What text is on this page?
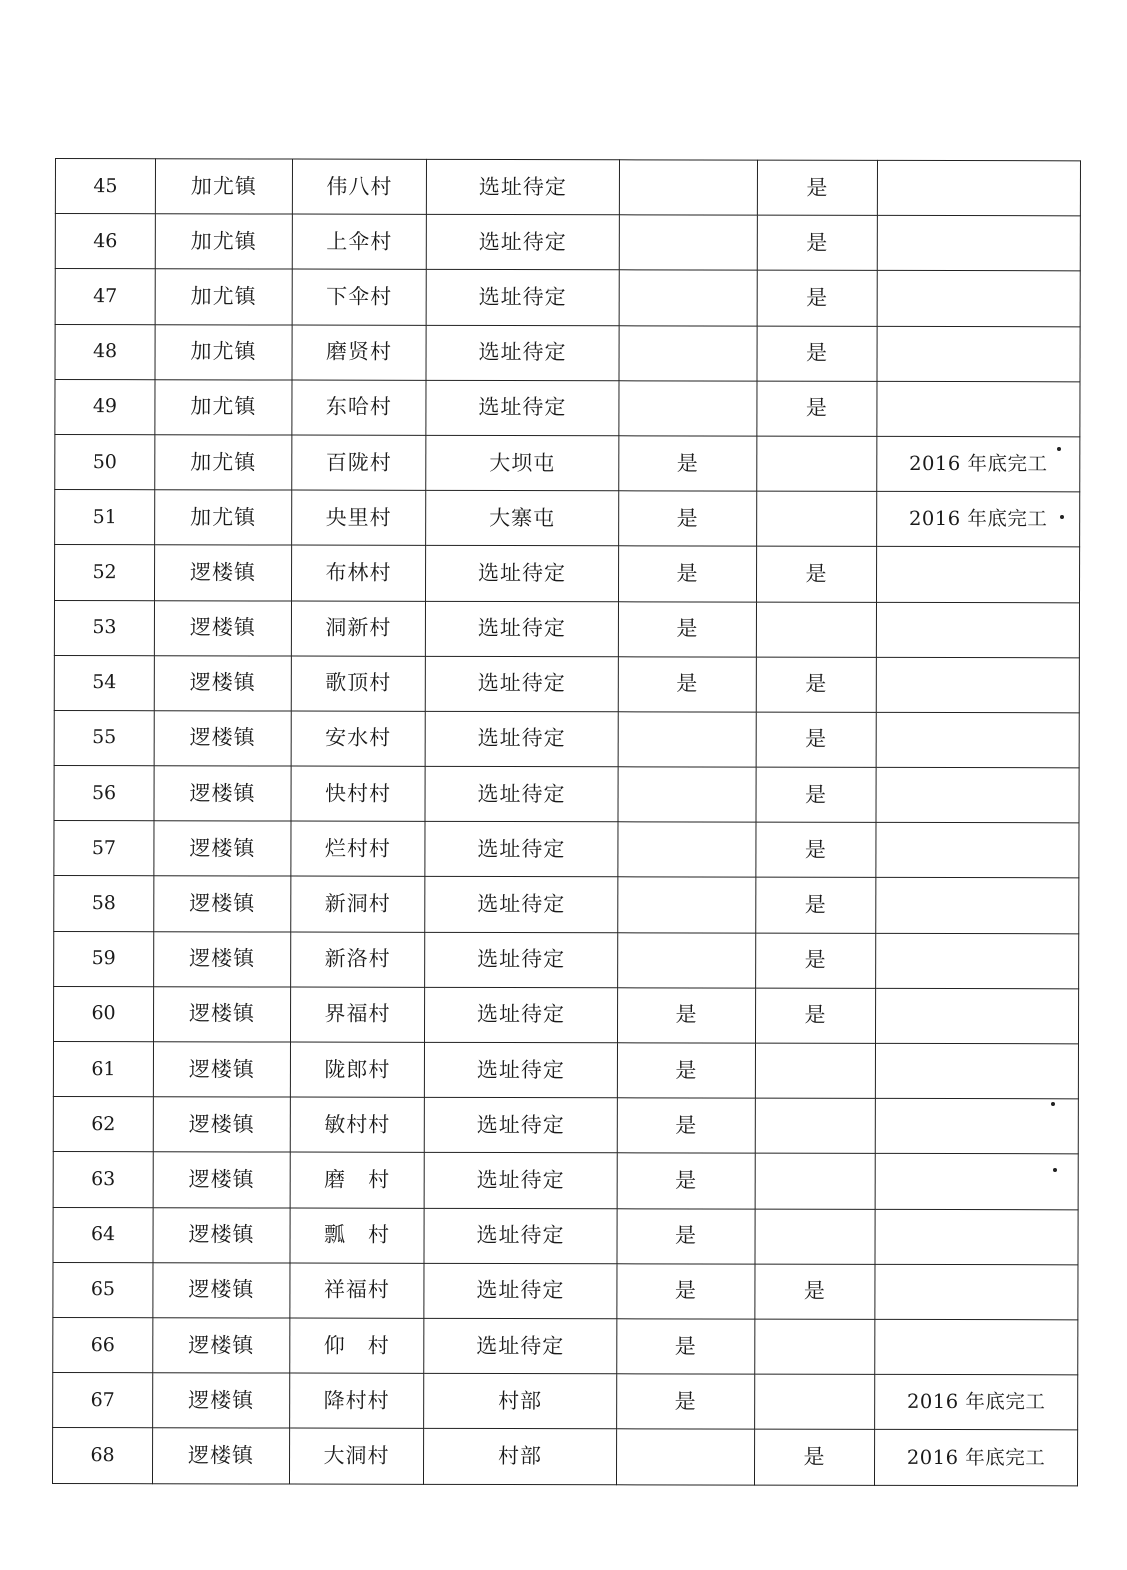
45	加尤镇	伟八村	选址待定		是	
46	加尤镇	上伞村	选址待定		是	
47	加尤镇	下伞村	选址待定		是	
48	加尤镇	磨贤村	选址待定		是	
49	加尤镇	东哈村	选址待定		是	
50	加尤镇	百陇村	大坝屯	是		2016 年底完工
51	加尤镇	央里村	大寨屯	是		2016 年底完工
52	逻楼镇	布林村	选址待定	是	是	
53	逻楼镇	洞新村	选址待定	是		
54	逻楼镇	歌顶村	选址待定	是	是	
55	逻楼镇	安水村	选址待定		是	
56	逻楼镇	快村村	选址待定		是	
57	逻楼镇	烂村村	选址待定		是	
58	逻楼镇	新洞村	选址待定		是	
59	逻楼镇	新洛村	选址待定		是	
60	逻楼镇	界福村	选址待定	是	是	
61	逻楼镇	陇郎村	选址待定	是		
62	逻楼镇	敏村村	选址待定	是		
63	逻楼镇	磨　村	选址待定	是		
64	逻楼镇	瓢　村	选址待定	是		
65	逻楼镇	祥福村	选址待定	是	是	
66	逻楼镇	仰　村	选址待定	是		
67	逻楼镇	降村村	村部	是		2016 年底完工
68	逻楼镇	大洞村	村部		是	2016 年底完工
